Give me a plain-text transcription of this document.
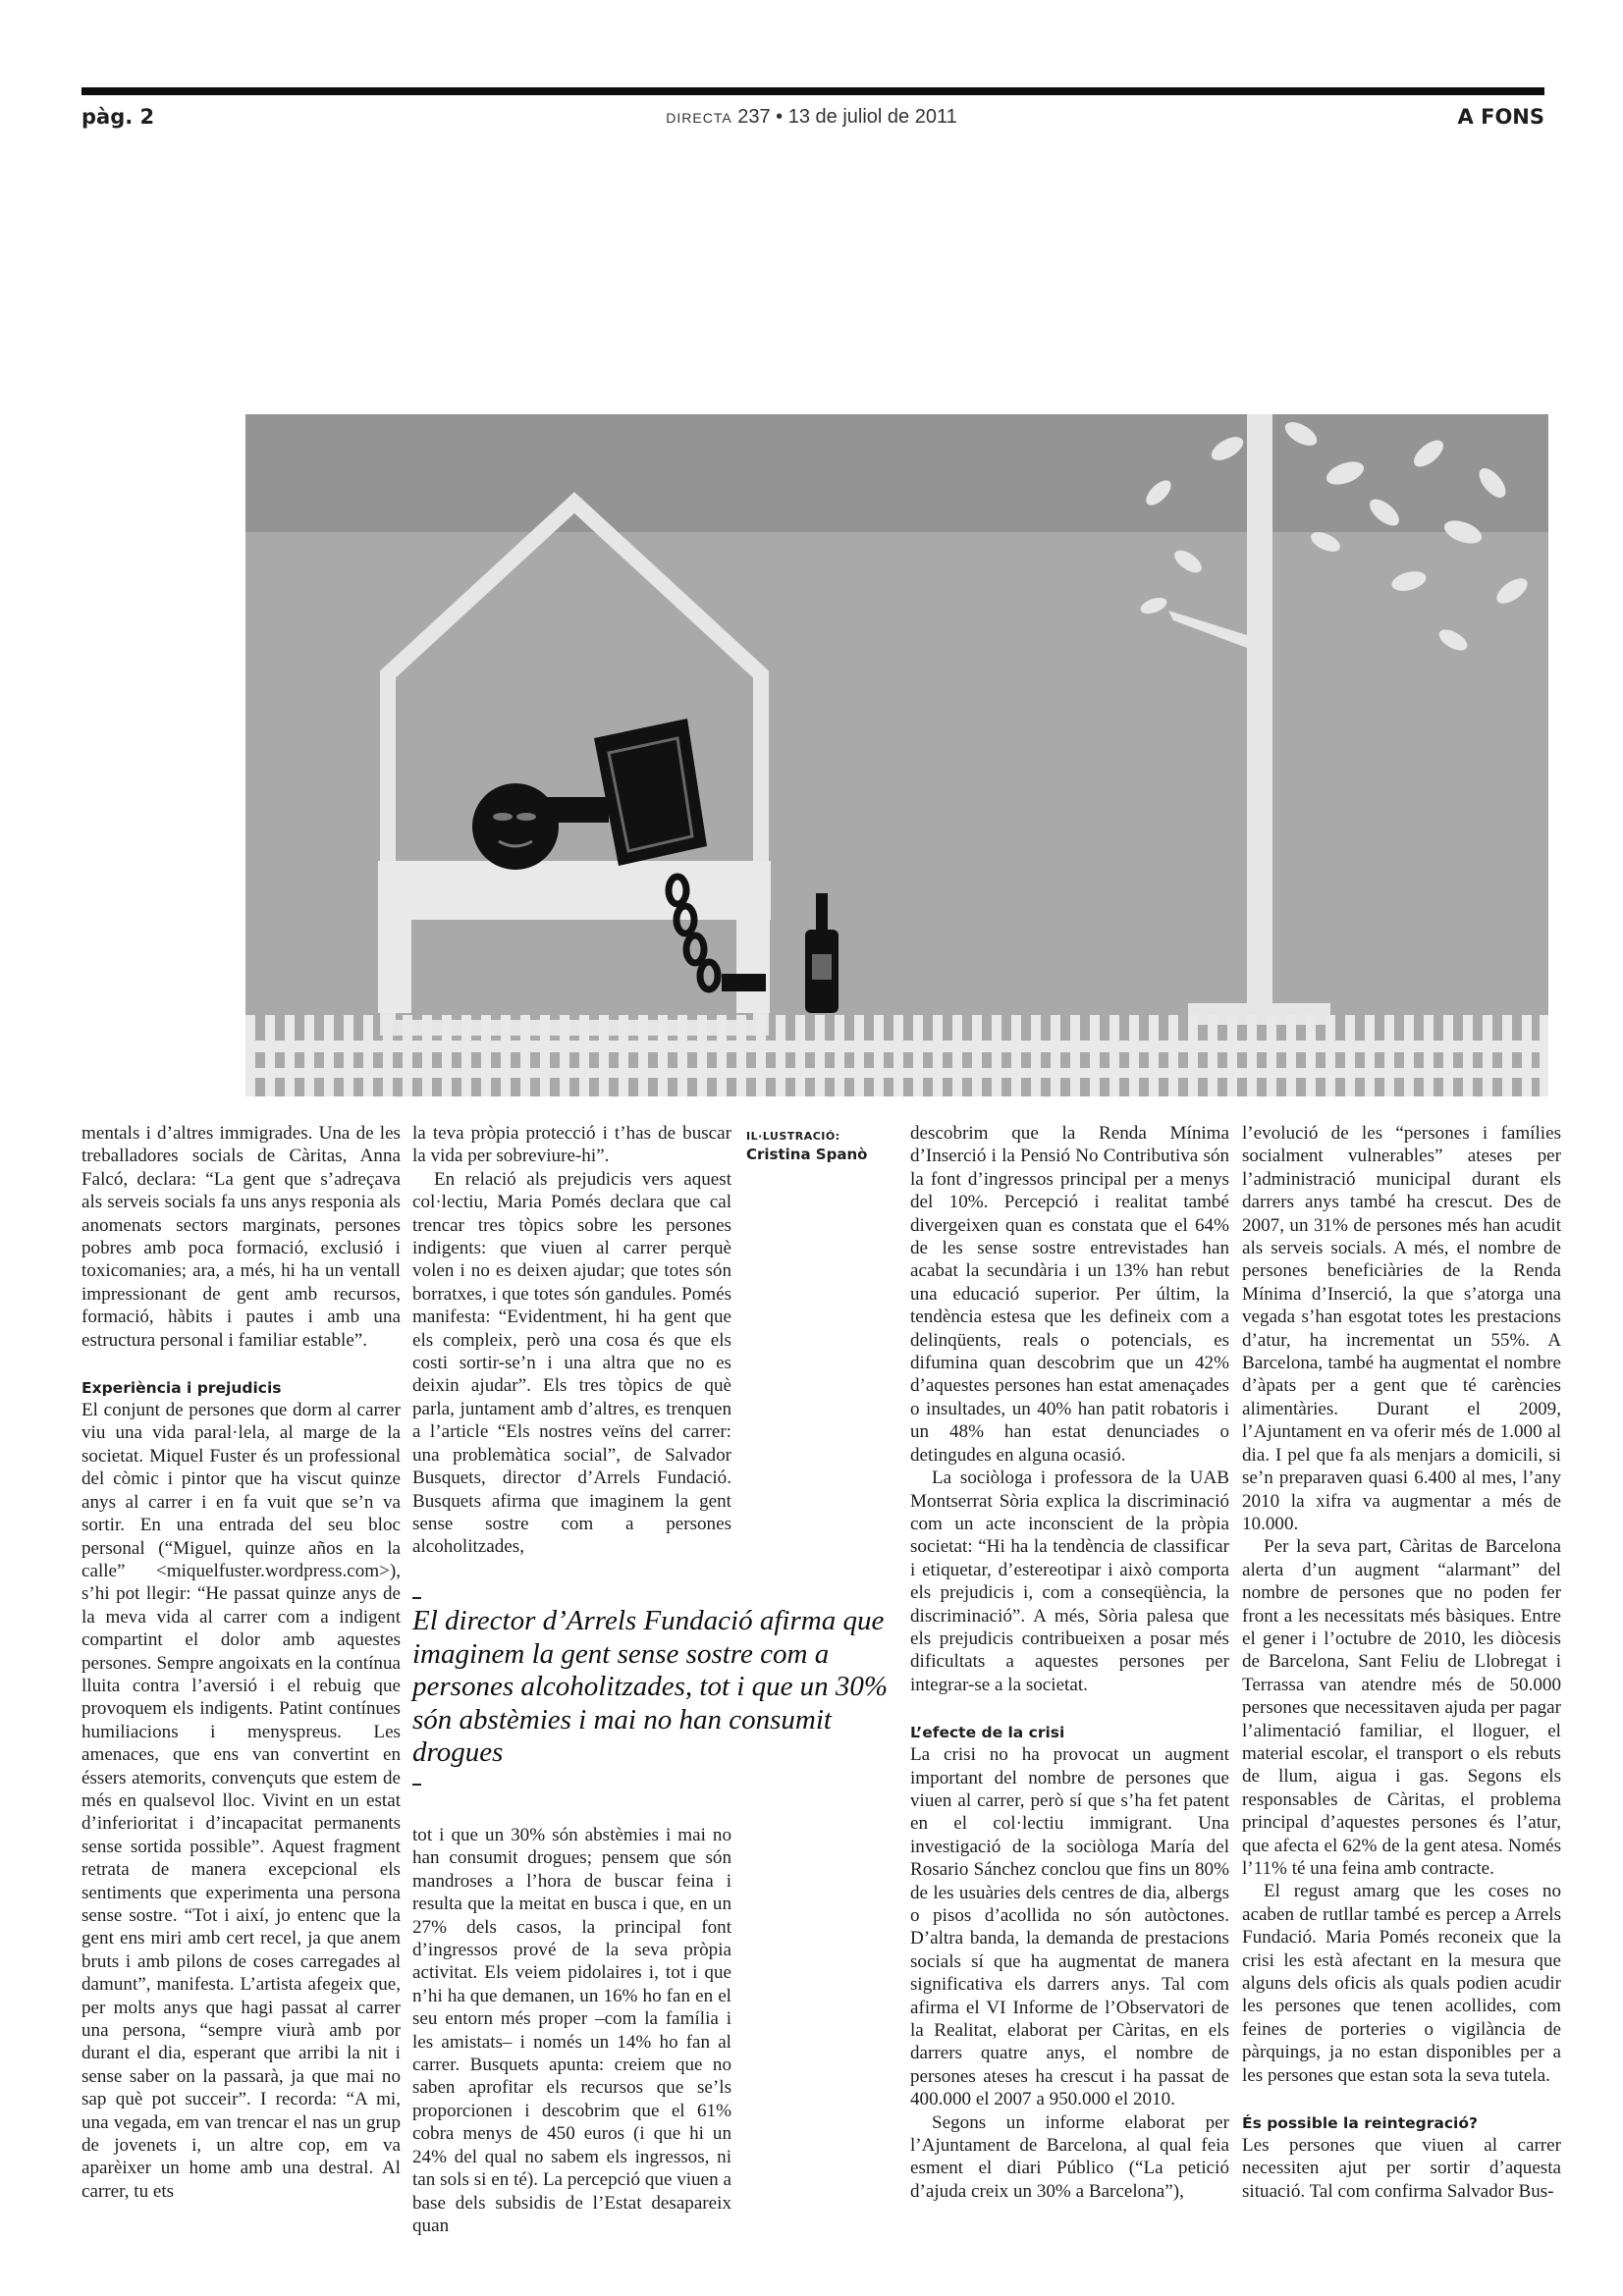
pàg. 2	DIRECTA 237 • 13 de juliol de 2011	A FONS

mentals i d’altres immigrades. Una de les treballadores socials de Càritas, Anna Falcó, declara: “La gent que s’adreçava als serveis socials fa uns anys responia als anomenats sectors marginats, persones pobres amb poca formació, exclusió i toxicomanies; ara, a més, hi ha un ventall impressionant de gent amb recursos, formació, hàbits i pautes i amb una estructura personal i familiar estable”.

Experiència i prejudicis

El conjunt de persones que dorm al carrer viu una vida paral·lela, al marge de la societat. Miquel Fuster és un professional del còmic i pintor que ha viscut quinze anys al carrer i en fa vuit que se’n va sortir. En una entrada del seu bloc personal (“Miguel, quinze años en la calle” <miquelfuster.wordpress.com>), s’hi pot llegir: “He passat quinze anys de la meva vida al carrer com a indigent compartint el dolor amb aquestes persones. Sempre angoixats en la contínua lluita contra l’aversió i el rebuig que provoquem els indigents. Patint contínues humiliacions i menyspreus. Les amenaces, que ens van convertint en éssers atemorits, convençuts que estem de més en qualsevol lloc. Vivint en un estat d’inferioritat i d’incapacitat permanents sense sortida possible”. Aquest fragment retrata de manera excepcional els sentiments que experimenta una persona sense sostre. “Tot i així, jo entenc que la gent ens miri amb cert recel, ja que anem bruts i amb pilons de coses carregades al damunt”, manifesta. L’artista afegeix que, per molts anys que hagi passat al carrer una persona, “sempre viurà amb por durant el dia, esperant que arribi la nit i sense saber on la passarà, ja que mai no sap què pot succeir”. I recorda: “A mi, una vegada, em van trencar el nas un grup de jovenets i, un altre cop, em va aparèixer un home amb una destral. Al carrer, tu ets

la teva pròpia protecció i t’has de buscar la vida per sobreviure-hi”.

En relació als prejudicis vers aquest col·lectiu, Maria Pomés declara que cal trencar tres tòpics sobre les persones indigents: que viuen al carrer perquè volen i no es deixen ajudar; que totes són borratxes, i que totes són gandules. Pomés manifesta: “Evidentment, hi ha gent que els compleix, però una cosa és que els costi sortir-se’n i una altra que no es deixin ajudar”. Els tres tòpics de què parla, juntament amb d’altres, es trenquen a l’article “Els nostres veïns del carrer: una problemàtica social”, de Salvador Busquets, director d’Arrels Fundació. Busquets afirma que imaginem la gent sense sostre com a persones alcoholitzades,

IL·LUSTRACIÓ:
Cristina Spanò

El director d’Arrels Fundació afirma que imaginem la gent sense sostre com a persones alcoholitzades, tot i que un 30% són abstèmies i mai no han consumit drogues

tot i que un 30% són abstèmies i mai no han consumit drogues; pensem que són mandroses a l’hora de buscar feina i resulta que la meitat en busca i que, en un 27% dels casos, la principal font d’ingressos prové de la seva pròpia activitat. Els veiem pidolaires i, tot i que n’hi ha que demanen, un 16% ho fan en el seu entorn més proper –com la família i les amistats– i només un 14% ho fan al carrer. Busquets apunta: creiem que no saben aprofitar els recursos que se’ls proporcionen i descobrim que el 61% cobra menys de 450 euros (i que hi un 24% del qual no sabem els ingressos, ni tan sols si en té). La percepció que viuen a base dels subsidis de l’Estat desapareix quan

descobrim que la Renda Mínima d’Inserció i la Pensió No Contributiva són la font d’ingressos principal per a menys del 10%. Percepció i realitat també divergeixen quan es constata que el 64% de les sense sostre entrevistades han acabat la secundària i un 13% han rebut una educació superior. Per últim, la tendència estesa que les defineix com a delinqüents, reals o potencials, es difumina quan descobrim que un 42% d’aquestes persones han estat amenaçades o insultades, un 40% han patit robatoris i un 48% han estat denunciades o detingudes en alguna ocasió.

La sociòloga i professora de la UAB Montserrat Sòria explica la discriminació com un acte inconscient de la pròpia societat: “Hi ha la tendència de classificar i etiquetar, d’estereotipar i això comporta els prejudicis i, com a conseqüència, la discriminació”. A més, Sòria palesa que els prejudicis contribueixen a posar més dificultats a aquestes persones per integrar-se a la societat.

L’efecte de la crisi

La crisi no ha provocat un augment important del nombre de persones que viuen al carrer, però sí que s’ha fet patent en el col·lectiu immigrant. Una investigació de la sociòloga María del Rosario Sánchez conclou que fins un 80% de les usuàries dels centres de dia, albergs o pisos d’acollida no són autòctones. D’altra banda, la demanda de prestacions socials sí que ha augmentat de manera significativa els darrers anys. Tal com afirma el VI Informe de l’Observatori de la Realitat, elaborat per Càritas, en els darrers quatre anys, el nombre de persones ateses ha crescut i ha passat de 400.000 el 2007 a 950.000 el 2010.

Segons un informe elaborat per l’Ajuntament de Barcelona, al qual feia esment el diari Público (“La petició d’ajuda creix un 30% a Barcelona”),

l’evolució de les “persones i famílies socialment vulnerables” ateses per l’administració municipal durant els darrers anys també ha crescut. Des de 2007, un 31% de persones més han acudit als serveis socials. A més, el nombre de persones beneficiàries de la Renda Mínima d’Inserció, la que s’atorga una vegada s’han esgotat totes les prestacions d’atur, ha incrementat un 55%. A Barcelona, també ha augmentat el nombre d’àpats per a gent que té carències alimentàries. Durant el 2009, l’Ajuntament en va oferir més de 1.000 al dia. I pel que fa als menjars a domicili, si se’n preparaven quasi 6.400 al mes, l’any 2010 la xifra va augmentar a més de 10.000.

Per la seva part, Càritas de Barcelona alerta d’un augment “alarmant” del nombre de persones que no poden fer front a les necessitats més bàsiques. Entre el gener i l’octubre de 2010, les diòcesis de Barcelona, Sant Feliu de Llobregat i Terrassa van atendre més de 50.000 persones que necessitaven ajuda per pagar l’alimentació familiar, el lloguer, el material escolar, el transport o els rebuts de llum, aigua i gas. Segons els responsables de Càritas, el problema principal d’aquestes persones és l’atur, que afecta el 62% de la gent atesa. Només l’11% té una feina amb contracte.

El regust amarg que les coses no acaben de rutllar també es percep a Arrels Fundació. Maria Pomés reconeix que la crisi les està afectant en la mesura que alguns dels oficis als quals podien acudir les persones que tenen acollides, com feines de porteries o vigilància de pàrquings, ja no estan disponibles per a les persones que estan sota la seva tutela.

És possible la reintegració?

Les persones que viuen al carrer necessiten ajut per sortir d’aquesta situació. Tal com confirma Salvador Bus-
